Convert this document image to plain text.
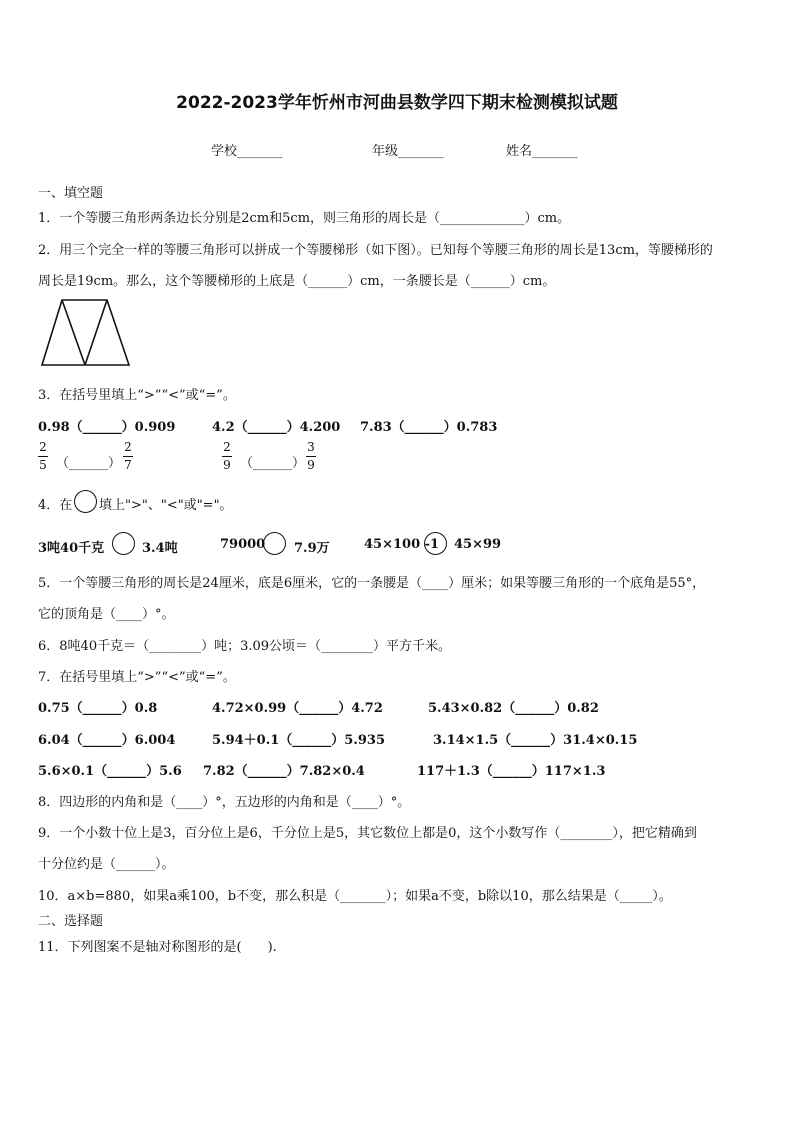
2022-2023学年忻州市河曲县数学四下期末检测模拟试题
学校_______	年级_______	姓名_______
一、填空题
1．一个等腰三角形两条边长分别是2cm和5cm，则三角形的周长是（_____________）cm。
2．用三个完全一样的等腰三角形可以拼成一个等腰梯形（如下图）。已知每个等腰三角形的周长是13cm，等腰梯形的
周长是19cm。那么，这个等腰梯形的上底是（______）cm，一条腰长是（______）cm。
3．在括号里填上“>”“<”或“=”。
0.98（______）0.909	4.2（______）4.200 7.83（______）0.783
2
5 （______）
2
7
2
9 （______）
3
9
4．在 填上">"、"<"或"="。
3吨40千克	3.4吨	79000 7.9万	45×100 -1 45×99
5．一个等腰三角形的周长是24厘米，底是6厘米，它的一条腰是（____）厘米；如果等腰三角形的一个底角是55°，
它的顶角是（____）°。
6．8吨40千克＝（________）吨；3.09公顷＝（________）平方千米。
7．在括号里填上“>”“<”或“=”。
0.75（______）0.8	4.72×0.99（______）4.72	5.43×0.82（______）0.82
6.04（______）6.004	5.94＋0.1（______）5.935	3.14×1.5（______）31.4×0.15
5.6×0.1（______）5.6 7.82（______）7.82×0.4	117＋1.3（______）117×1.3
8．四边形的内角和是（____）°，五边形的内角和是（____）°。
9．一个小数十位上是3，百分位上是6，千分位上是5，其它数位上都是0，这个小数写作（________），把它精确到
十分位约是（______）。
10．a×b=880，如果a乘100，b不变，那么积是（_______）；如果a不变，b除以10，那么结果是（_____）。
二、选择题
11．下列图案不是轴对称图形的是(　　).
